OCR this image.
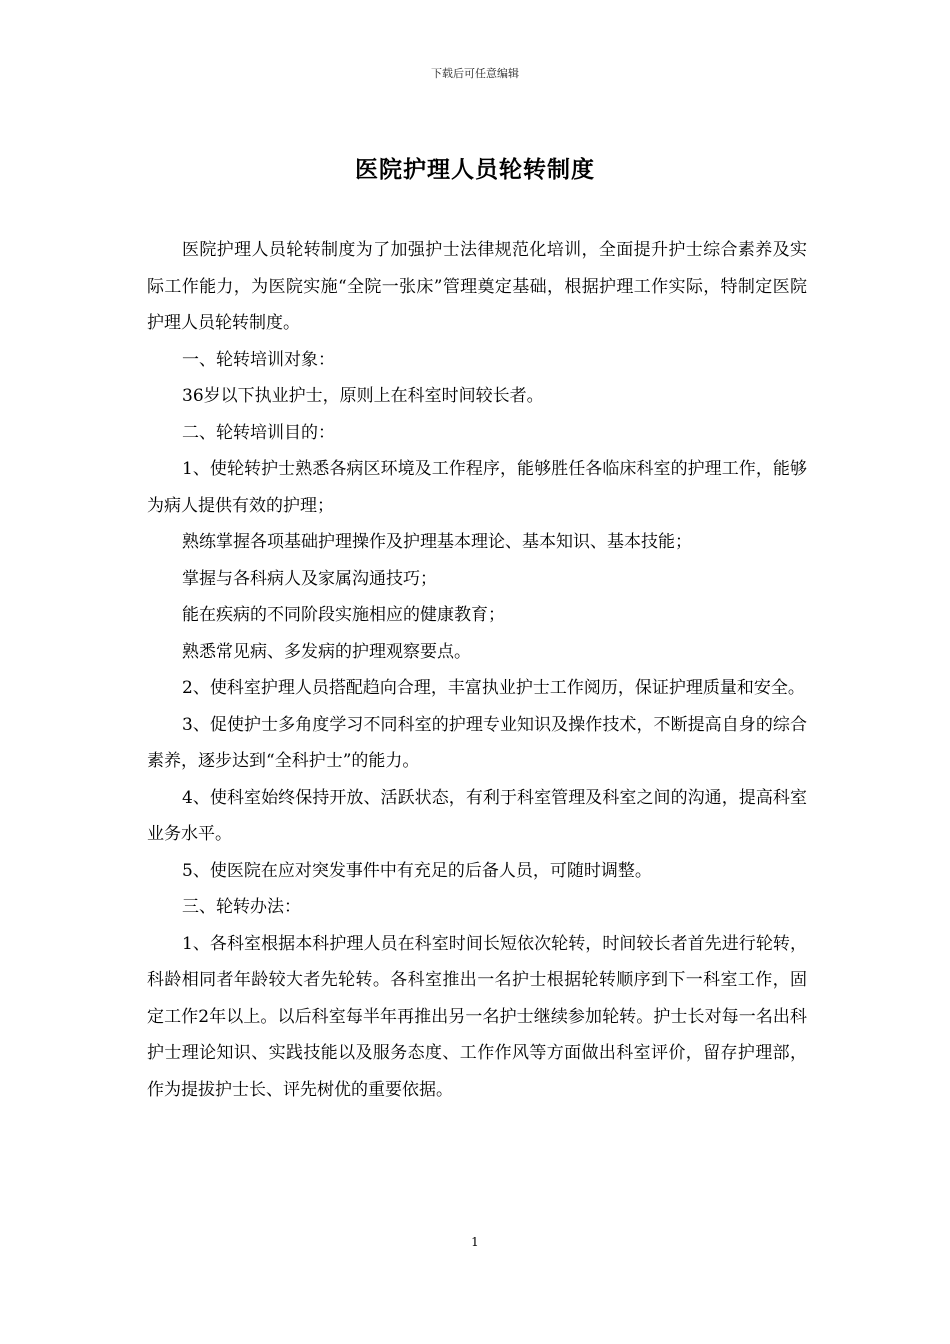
下载后可任意编辑
医院护理人员轮转制度

医院护理人员轮转制度为了加强护士法律规范化培训，全面提升护士综合素养及实际工作能力，为医院实施“全院一张床”管理奠定基础，根据护理工作实际，特制定医院护理人员轮转制度。

一、轮转培训对象：

36岁以下执业护士，原则上在科室时间较长者。

二、轮转培训目的：

1、使轮转护士熟悉各病区环境及工作程序，能够胜任各临床科室的护理工作，能够为病人提供有效的护理；

熟练掌握各项基础护理操作及护理基本理论、基本知识、基本技能；

掌握与各科病人及家属沟通技巧；

能在疾病的不同阶段实施相应的健康教育；

熟悉常见病、多发病的护理观察要点。

2、使科室护理人员搭配趋向合理，丰富执业护士工作阅历，保证护理质量和安全。

3、促使护士多角度学习不同科室的护理专业知识及操作技术，不断提高自身的综合素养，逐步达到“全科护士”的能力。

4、使科室始终保持开放、活跃状态，有利于科室管理及科室之间的沟通，提高科室业务水平。

5、使医院在应对突发事件中有充足的后备人员，可随时调整。

三、轮转办法：

1、各科室根据本科护理人员在科室时间长短依次轮转，时间较长者首先进行轮转，科龄相同者年龄较大者先轮转。各科室推出一名护士根据轮转顺序到下一科室工作，固定工作2年以上。以后科室每半年再推出另一名护士继续参加轮转。护士长对每一名出科护士理论知识、实践技能以及服务态度、工作作风等方面做出科室评价，留存护理部，作为提拔护士长、评先树优的重要依据。

1
